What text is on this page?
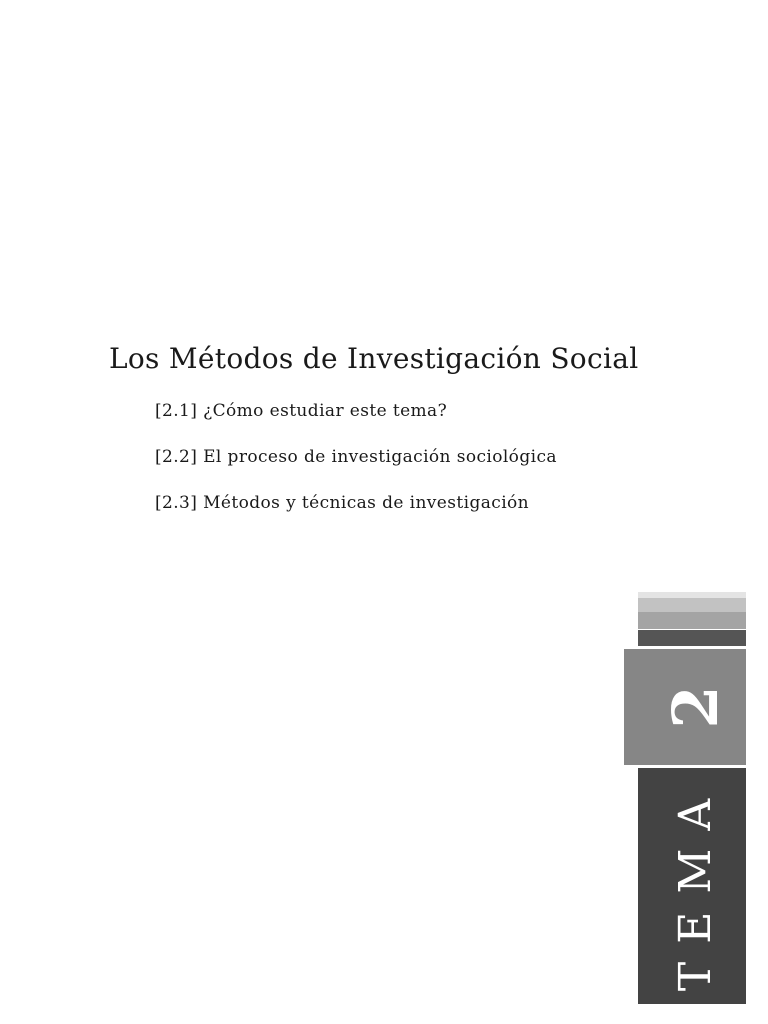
Los Métodos de Investigación Social
[2.1] ¿Cómo estudiar este tema?
[2.2] El proceso de investigación sociológica
[2.3] Métodos y técnicas de investigación
2
TEMA
